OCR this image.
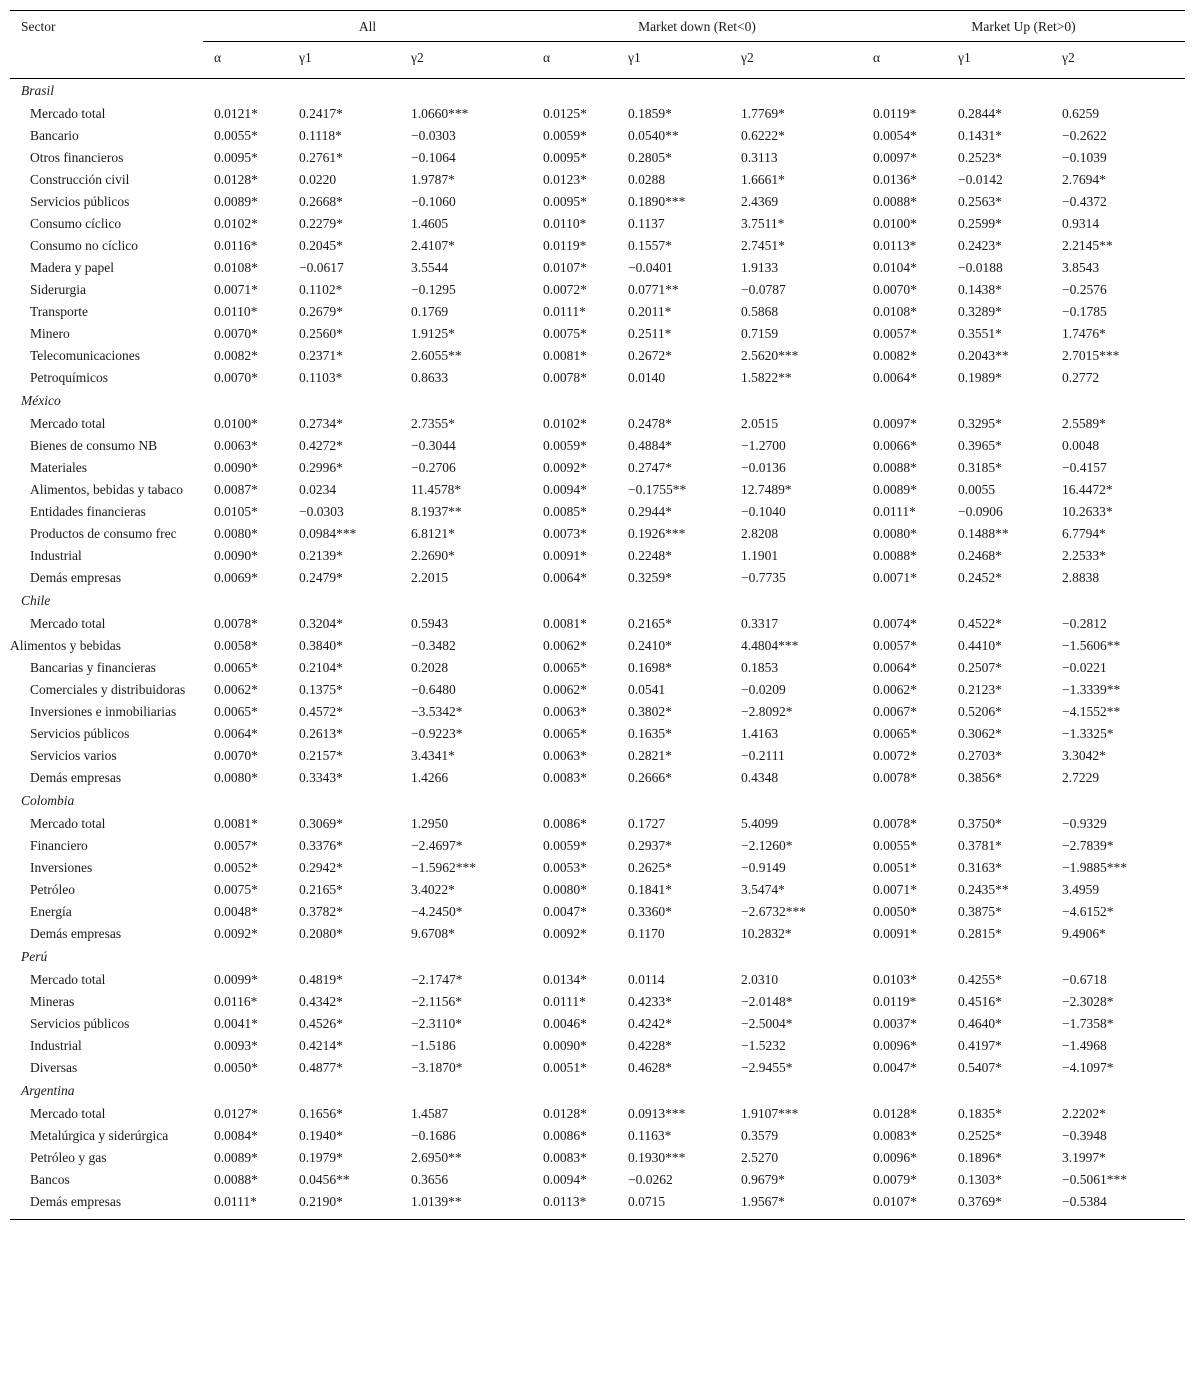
Sector	All			Market down (Ret<0)			Market Up (Ret>0)		
	α	γ1	γ2	α	γ1	γ2	α	γ1	γ2
Brasil									
Mercado total	0.0121*	0.2417*	1.0660***	0.0125*	0.1859*	1.7769*	0.0119*	0.2844*	0.6259
Bancario	0.0055*	0.1118*	−0.0303	0.0059*	0.0540**	0.6222*	0.0054*	0.1431*	−0.2622
Otros financieros	0.0095*	0.2761*	−0.1064	0.0095*	0.2805*	0.3113	0.0097*	0.2523*	−0.1039
Construcción civil	0.0128*	0.0220	1.9787*	0.0123*	0.0288	1.6661*	0.0136*	−0.0142	2.7694*
Servicios públicos	0.0089*	0.2668*	−0.1060	0.0095*	0.1890***	2.4369	0.0088*	0.2563*	−0.4372
Consumo cíclico	0.0102*	0.2279*	1.4605	0.0110*	0.1137	3.7511*	0.0100*	0.2599*	0.9314
Consumo no cíclico	0.0116*	0.2045*	2.4107*	0.0119*	0.1557*	2.7451*	0.0113*	0.2423*	2.2145**
Madera y papel	0.0108*	−0.0617	3.5544	0.0107*	−0.0401	1.9133	0.0104*	−0.0188	3.8543
Siderurgia	0.0071*	0.1102*	−0.1295	0.0072*	0.0771**	−0.0787	0.0070*	0.1438*	−0.2576
Transporte	0.0110*	0.2679*	0.1769	0.0111*	0.2011*	0.5868	0.0108*	0.3289*	−0.1785
Minero	0.0070*	0.2560*	1.9125*	0.0075*	0.2511*	0.7159	0.0057*	0.3551*	1.7476*
Telecomunicaciones	0.0082*	0.2371*	2.6055**	0.0081*	0.2672*	2.5620***	0.0082*	0.2043**	2.7015***
Petroquímicos	0.0070*	0.1103*	0.8633	0.0078*	0.0140	1.5822**	0.0064*	0.1989*	0.2772
México									
Mercado total	0.0100*	0.2734*	2.7355*	0.0102*	0.2478*	2.0515	0.0097*	0.3295*	2.5589*
Bienes de consumo NB	0.0063*	0.4272*	−0.3044	0.0059*	0.4884*	−1.2700	0.0066*	0.3965*	0.0048
Materiales	0.0090*	0.2996*	−0.2706	0.0092*	0.2747*	−0.0136	0.0088*	0.3185*	−0.4157
Alimentos, bebidas y tabaco	0.0087*	0.0234	11.4578*	0.0094*	−0.1755**	12.7489*	0.0089*	0.0055	16.4472*
Entidades financieras	0.0105*	−0.0303	8.1937**	0.0085*	0.2944*	−0.1040	0.0111*	−0.0906	10.2633*
Productos de consumo frec	0.0080*	0.0984***	6.8121*	0.0073*	0.1926***	2.8208	0.0080*	0.1488**	6.7794*
Industrial	0.0090*	0.2139*	2.2690*	0.0091*	0.2248*	1.1901	0.0088*	0.2468*	2.2533*
Demás empresas	0.0069*	0.2479*	2.2015	0.0064*	0.3259*	−0.7735	0.0071*	0.2452*	2.8838
Chile									
Mercado total	0.0078*	0.3204*	0.5943	0.0081*	0.2165*	0.3317	0.0074*	0.4522*	−0.2812
Alimentos y bebidas	0.0058*	0.3840*	−0.3482	0.0062*	0.2410*	4.4804***	0.0057*	0.4410*	−1.5606**
Bancarias y financieras	0.0065*	0.2104*	0.2028	0.0065*	0.1698*	0.1853	0.0064*	0.2507*	−0.0221
Comerciales y distribuidoras	0.0062*	0.1375*	−0.6480	0.0062*	0.0541	−0.0209	0.0062*	0.2123*	−1.3339**
Inversiones e inmobiliarias	0.0065*	0.4572*	−3.5342*	0.0063*	0.3802*	−2.8092*	0.0067*	0.5206*	−4.1552**
Servicios públicos	0.0064*	0.2613*	−0.9223*	0.0065*	0.1635*	1.4163	0.0065*	0.3062*	−1.3325*
Servicios varios	0.0070*	0.2157*	3.4341*	0.0063*	0.2821*	−0.2111	0.0072*	0.2703*	3.3042*
Demás empresas	0.0080*	0.3343*	1.4266	0.0083*	0.2666*	0.4348	0.0078*	0.3856*	2.7229
Colombia									
Mercado total	0.0081*	0.3069*	1.2950	0.0086*	0.1727	5.4099	0.0078*	0.3750*	−0.9329
Financiero	0.0057*	0.3376*	−2.4697*	0.0059*	0.2937*	−2.1260*	0.0055*	0.3781*	−2.7839*
Inversiones	0.0052*	0.2942*	−1.5962***	0.0053*	0.2625*	−0.9149	0.0051*	0.3163*	−1.9885***
Petróleo	0.0075*	0.2165*	3.4022*	0.0080*	0.1841*	3.5474*	0.0071*	0.2435**	3.4959
Energía	0.0048*	0.3782*	−4.2450*	0.0047*	0.3360*	−2.6732***	0.0050*	0.3875*	−4.6152*
Demás empresas	0.0092*	0.2080*	9.6708*	0.0092*	0.1170	10.2832*	0.0091*	0.2815*	9.4906*
Perú									
Mercado total	0.0099*	0.4819*	−2.1747*	0.0134*	0.0114	2.0310	0.0103*	0.4255*	−0.6718
Mineras	0.0116*	0.4342*	−2.1156*	0.0111*	0.4233*	−2.0148*	0.0119*	0.4516*	−2.3028*
Servicios públicos	0.0041*	0.4526*	−2.3110*	0.0046*	0.4242*	−2.5004*	0.0037*	0.4640*	−1.7358*
Industrial	0.0093*	0.4214*	−1.5186	0.0090*	0.4228*	−1.5232	0.0096*	0.4197*	−1.4968
Diversas	0.0050*	0.4877*	−3.1870*	0.0051*	0.4628*	−2.9455*	0.0047*	0.5407*	−4.1097*
Argentina									
Mercado total	0.0127*	0.1656*	1.4587	0.0128*	0.0913***	1.9107***	0.0128*	0.1835*	2.2202*
Metalúrgica y siderúrgica	0.0084*	0.1940*	−0.1686	0.0086*	0.1163*	0.3579	0.0083*	0.2525*	−0.3948
Petróleo y gas	0.0089*	0.1979*	2.6950**	0.0083*	0.1930***	2.5270	0.0096*	0.1896*	3.1997*
Bancos	0.0088*	0.0456**	0.3656	0.0094*	−0.0262	0.9679*	0.0079*	0.1303*	−0.5061***
Demás empresas	0.0111*	0.2190*	1.0139**	0.0113*	0.0715	1.9567*	0.0107*	0.3769*	−0.5384
